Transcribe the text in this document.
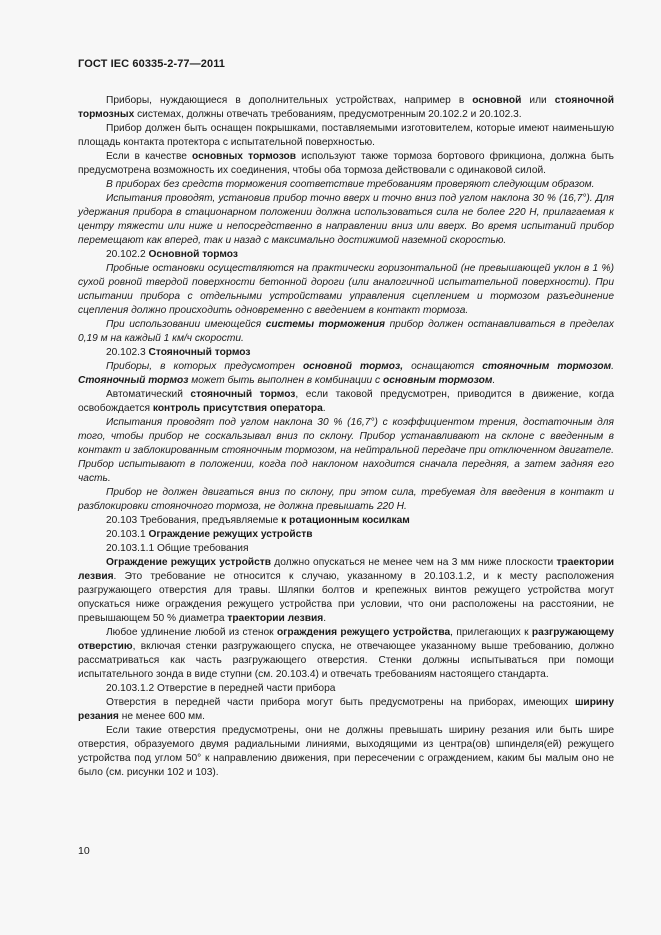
ГОСТ IEC 60335-2-77—2011

Приборы, нуждающиеся в дополнительных устройствах, например в основной или стояночной тормозных системах, должны отвечать требованиям, предусмотренным 20.102.2 и 20.102.3.

Прибор должен быть оснащен покрышками, поставляемыми изготовителем, которые имеют наименьшую площадь контакта протектора с испытательной поверхностью.

Если в качестве основных тормозов используют также тормоза бортового фрикциона, должна быть предусмотрена возможность их соединения, чтобы оба тормоза действовали с одинаковой силой.

В приборах без средств торможения соответствие требованиям проверяют следующим образом.

Испытания проводят, установив прибор точно вверх и точно вниз под углом наклона 30 % (16,7°). Для удержания прибора в стационарном положении должна использоваться сила не более 220 Н, прилагаемая к центру тяжести или ниже и непосредственно в направлении вниз или вверх. Во время испытаний прибор перемещают как вперед, так и назад с максимально достижимой наземной скоростью.

20.102.2 Основной тормоз

Пробные остановки осуществляются на практически горизонтальной (не превышающей уклон в 1 %) сухой ровной твердой поверхности бетонной дороги (или аналогичной испытательной поверхности). При испытании прибора с отдельными устройствами управления сцеплением и тормозом разъединение сцепления должно происходить одновременно с введением в контакт тормоза.

При использовании имеющейся системы торможения прибор должен останавливаться в пределах 0,19 м на каждый 1 км/ч скорости.

20.102.3 Стояночный тормоз

Приборы, в которых предусмотрен основной тормоз, оснащаются стояночным тормозом. Стояночный тормоз может быть выполнен в комбинации с основным тормозом.

Автоматический стояночный тормоз, если таковой предусмотрен, приводится в движение, когда освобождается контроль присутствия оператора.

Испытания проводят под углом наклона 30 % (16,7°) с коэффициентом трения, достаточным для того, чтобы прибор не соскальзывал вниз по склону. Прибор устанавливают на склоне с введенным в контакт и заблокированным стояночным тормозом, на нейтральной передаче при отключенном двигателе. Прибор испытывают в положении, когда под наклоном находится сначала передняя, а затем задняя его часть.

Прибор не должен двигаться вниз по склону, при этом сила, требуемая для введения в контакт и разблокировки стояночного тормоза, не должна превышать 220 Н.

20.103 Требования, предъявляемые к ротационным косилкам

20.103.1 Ограждение режущих устройств

20.103.1.1 Общие требования

Ограждение режущих устройств должно опускаться не менее чем на 3 мм ниже плоскости траектории лезвия. Это требование не относится к случаю, указанному в 20.103.1.2, и к месту расположения разгружающего отверстия для травы. Шляпки болтов и крепежных винтов режущего устройства могут опускаться ниже ограждения режущего устройства при условии, что они расположены на расстоянии, не превышающем 50 % диаметра траектории лезвия.

Любое удлинение любой из стенок ограждения режущего устройства, прилегающих к разгружающему отверстию, включая стенки разгружающего спуска, не отвечающее указанному выше требованию, должно рассматриваться как часть разгружающего отверстия. Стенки должны испытываться при помощи испытательного зонда в виде ступни (см. 20.103.4) и отвечать требованиям настоящего стандарта.

20.103.1.2 Отверстие в передней части прибора

Отверстия в передней части прибора могут быть предусмотрены на приборах, имеющих ширину резания не менее 600 мм.

Если такие отверстия предусмотрены, они не должны превышать ширину резания или быть шире отверстия, образуемого двумя радиальными линиями, выходящими из центра(ов) шпинделя(ей) режущего устройства под углом 50° к направлению движения, при пересечении с ограждением, каким бы малым оно не было (см. рисунки 102 и 103).

10
